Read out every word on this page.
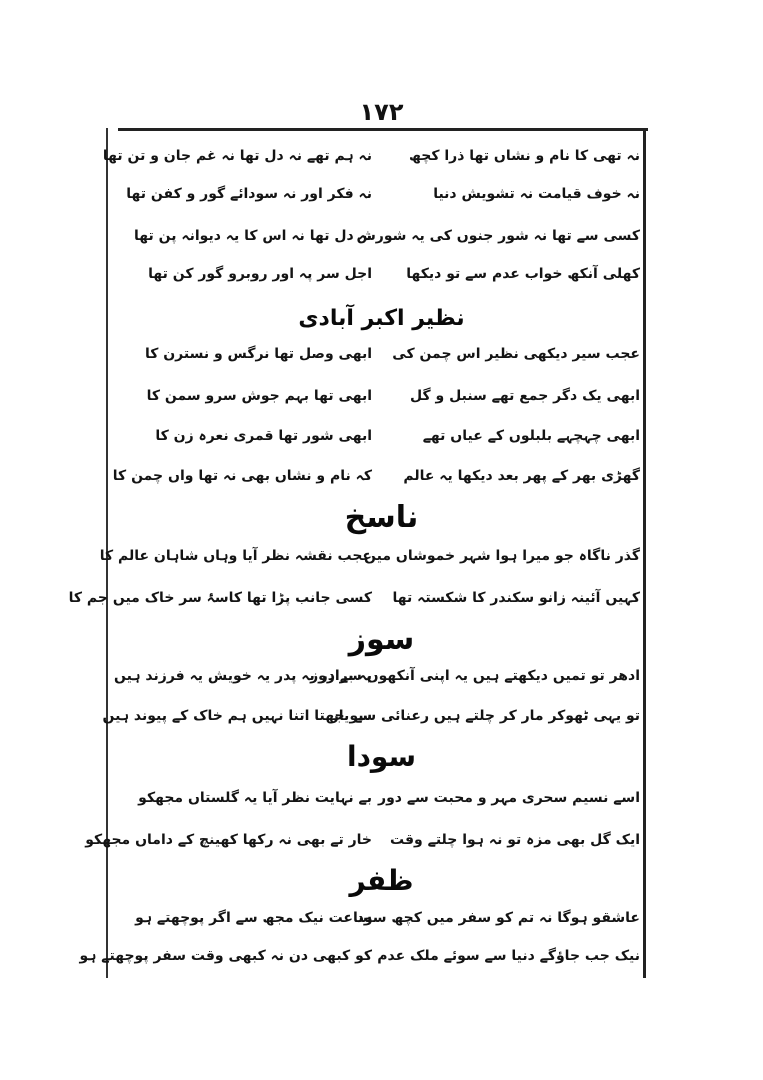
۱۷۲
نہ تھی کا نام و نشاں تھا ذرا کچھ
نہ ہم تھے نہ دل تھا نہ غم جان و تن تھا
نہ خوف قیامت نہ تشویش دنیا
نہ فکر اور نہ سودائے گور و کفن تھا
کسی سے تھا نہ شور جنوں کی یہ شورش
نہ دل تھا نہ اس کا یہ دیوانہ پن تھا
کھلی آنکھ خواب عدم سے تو دیکھا
اجل سر پہ اور روبرو گور کن تھا
نظیر اکبر آبادی
عجب سیر دیکھی نظیر اس چمن کی
ابھی وصل تھا نرگس و نسترن کا
ابھی یک دگر جمع تھے سنبل و گل
ابھی تھا بہم جوش سرو سمن کا
ابھی چہچہے بلبلوں کے عیاں تھے
ابھی شور تھا قمری نعرہ زن کا
گھڑی بھر کے پھر بعد دیکھا یہ عالم
کہ نام و نشاں بھی نہ تھا واں چمن کا
ناسخ
گذر ناگاہ جو میرا ہوا شہر خموشاں میں
عجب نقشہ نظر آیا وہاں شاہان عالم کا
کہیں آئینہ زانو سکندر کا شکستہ تھا
کسی جانب پڑا تھا کاسۂ سر خاک میں جم کا
سوز
ادھر تو تمیں دیکھتے ہیں یہ اپنی آنکھوں سے روز
یہ برادر یہ پدر یہ خویش یہ فرزند ہیں
تو یہی ٹھوکر مار کر چلتے ہیں رعنائی سے یار
سو جھتا اتنا نہیں ہم خاک کے پیوند ہیں
سودا
اسے نسیم سحری مہر و محبت سے دور
بے نہایت نظر آیا یہ گلستاں مجھکو
ایک گل بھی مزہ تو نہ ہوا چلتے وقت
خار تے بھی نہ رکھا کھینچ کے داماں مجھکو
ظفر
عاشقو ہوگا نہ تم کو سفر میں کچھ سود
ساعت نیک مجھ سے اگر پوچھتے ہو
نیک جب جاؤگے دنیا سے سوئے ملک عدم
کو کبھی دن نہ کبھی وقت سفر پوچھتے ہو
